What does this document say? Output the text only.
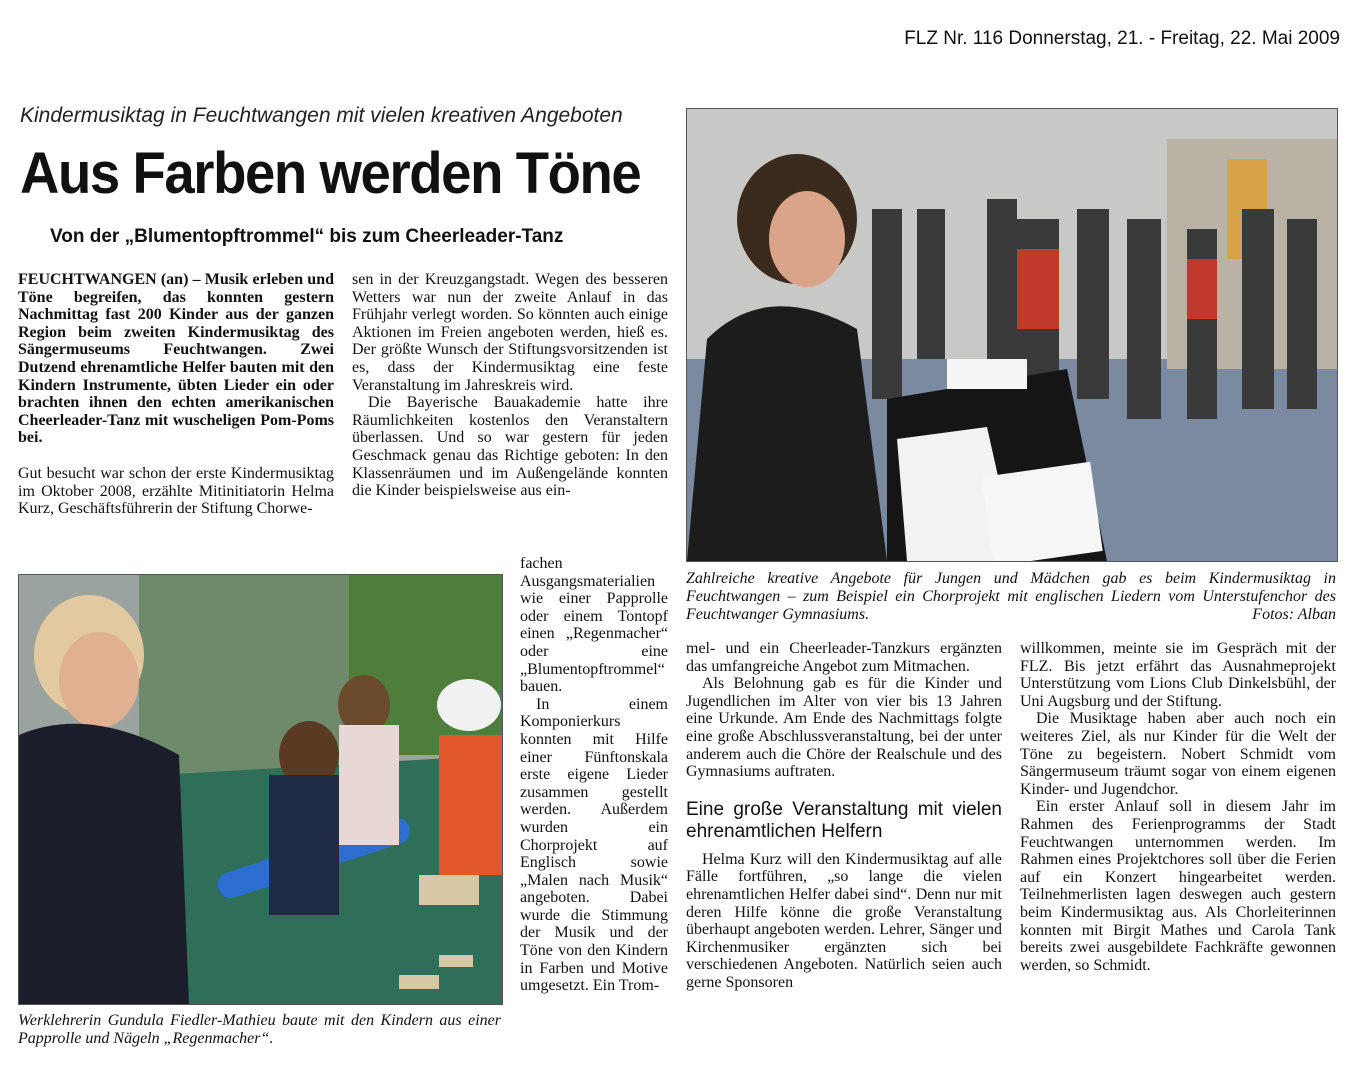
FLZ Nr. 116 Donnerstag, 21. - Freitag, 22. Mai 2009
Kindermusiktag in Feuchtwangen mit vielen kreativen Angeboten
Aus Farben werden Töne
Von der „Blumentopftrommel“ bis zum Cheerleader-Tanz

FEUCHTWANGEN (an) – Musik erleben und Töne begreifen, das konnten gestern Nachmittag fast 200 Kinder aus der ganzen Region beim zweiten Kindermusiktag des Sängermuseums Feuchtwangen. Zwei Dutzend ehrenamtliche Helfer bauten mit den Kindern Instrumente, übten Lieder ein oder brachten ihnen den echten amerikanischen Cheerleader-Tanz mit wuscheligen Pom-Poms bei.

Gut besucht war schon der erste Kindermusiktag im Oktober 2008, erzählte Mitinitiatorin Helma Kurz, Geschäftsführerin der Stiftung Chorwe-

sen in der Kreuzgangstadt. Wegen des besseren Wetters war nun der zweite Anlauf in das Frühjahr verlegt worden. So könnten auch einige Aktionen im Freien angeboten werden, hieß es. Der größte Wunsch der Stiftungsvorsitzenden ist es, dass der Kindermusiktag eine feste Veranstaltung im Jahreskreis wird.

Die Bayerische Bauakademie hatte ihre Räumlichkeiten kostenlos den Veranstaltern überlassen. Und so war gestern für jeden Geschmack genau das Richtige geboten: In den Klassenräumen und im Außengelände konnten die Kinder beispielsweise aus ein-

fachen Ausgangsmaterialien wie einer Papprolle oder einem Tontopf einen „Regenmacher“ oder eine „Blumentopftrommel“ bauen.

In einem Komponierkurs konnten mit Hilfe einer Fünftonskala erste eigene Lieder zusammen gestellt werden. Außerdem wurden ein Chorprojekt auf Englisch sowie „Malen nach Musik“ angeboten. Dabei wurde die Stimmung der Musik und der Töne von den Kindern in Farben und Motive umgesetzt. Ein Trom-

Zahlreiche kreative Angebote für Jungen und Mädchen gab es beim Kindermusiktag in Feuchtwangen – zum Beispiel ein Chorprojekt mit englischen Liedern vom Unterstufenchor des Feuchtwanger Gymnasiums.	Fotos: Alban
Werklehrerin Gundula Fiedler-Mathieu baute mit den Kindern aus einer Papprolle und Nägeln „Regenmacher“.

mel- und ein Cheerleader-Tanzkurs ergänzten das umfangreiche Angebot zum Mitmachen.

Als Belohnung gab es für die Kinder und Jugendlichen im Alter von vier bis 13 Jahren eine Urkunde. Am Ende des Nachmittags folgte eine große Abschlussveranstaltung, bei der unter anderem auch die Chöre der Realschule und des Gymnasiums auftraten.

Eine große Veranstaltung mit vielen ehrenamtlichen Helfern

Helma Kurz will den Kindermusiktag auf alle Fälle fortführen, „so lange die vielen ehrenamtlichen Helfer dabei sind“. Denn nur mit deren Hilfe könne die große Veranstaltung überhaupt angeboten werden. Lehrer, Sänger und Kirchenmusiker ergänzten sich bei verschiedenen Angeboten. Natürlich seien auch gerne Sponsoren

willkommen, meinte sie im Gespräch mit der FLZ. Bis jetzt erfährt das Ausnahmeprojekt Unterstützung vom Lions Club Dinkelsbühl, der Uni Augsburg und der Stiftung.

Die Musiktage haben aber auch noch ein weiteres Ziel, als nur Kinder für die Welt der Töne zu begeistern. Nobert Schmidt vom Sängermuseum träumt sogar von einem eigenen Kinder- und Jugendchor.

Ein erster Anlauf soll in diesem Jahr im Rahmen des Ferienprogramms der Stadt Feuchtwangen unternommen werden. Im Rahmen eines Projektchores soll über die Ferien auf ein Konzert hingearbeitet werden. Teilnehmerlisten lagen deswegen auch gestern beim Kindermusiktag aus. Als Chorleiterinnen konnten mit Birgit Mathes und Carola Tank bereits zwei ausgebildete Fachkräfte gewonnen werden, so Schmidt.
